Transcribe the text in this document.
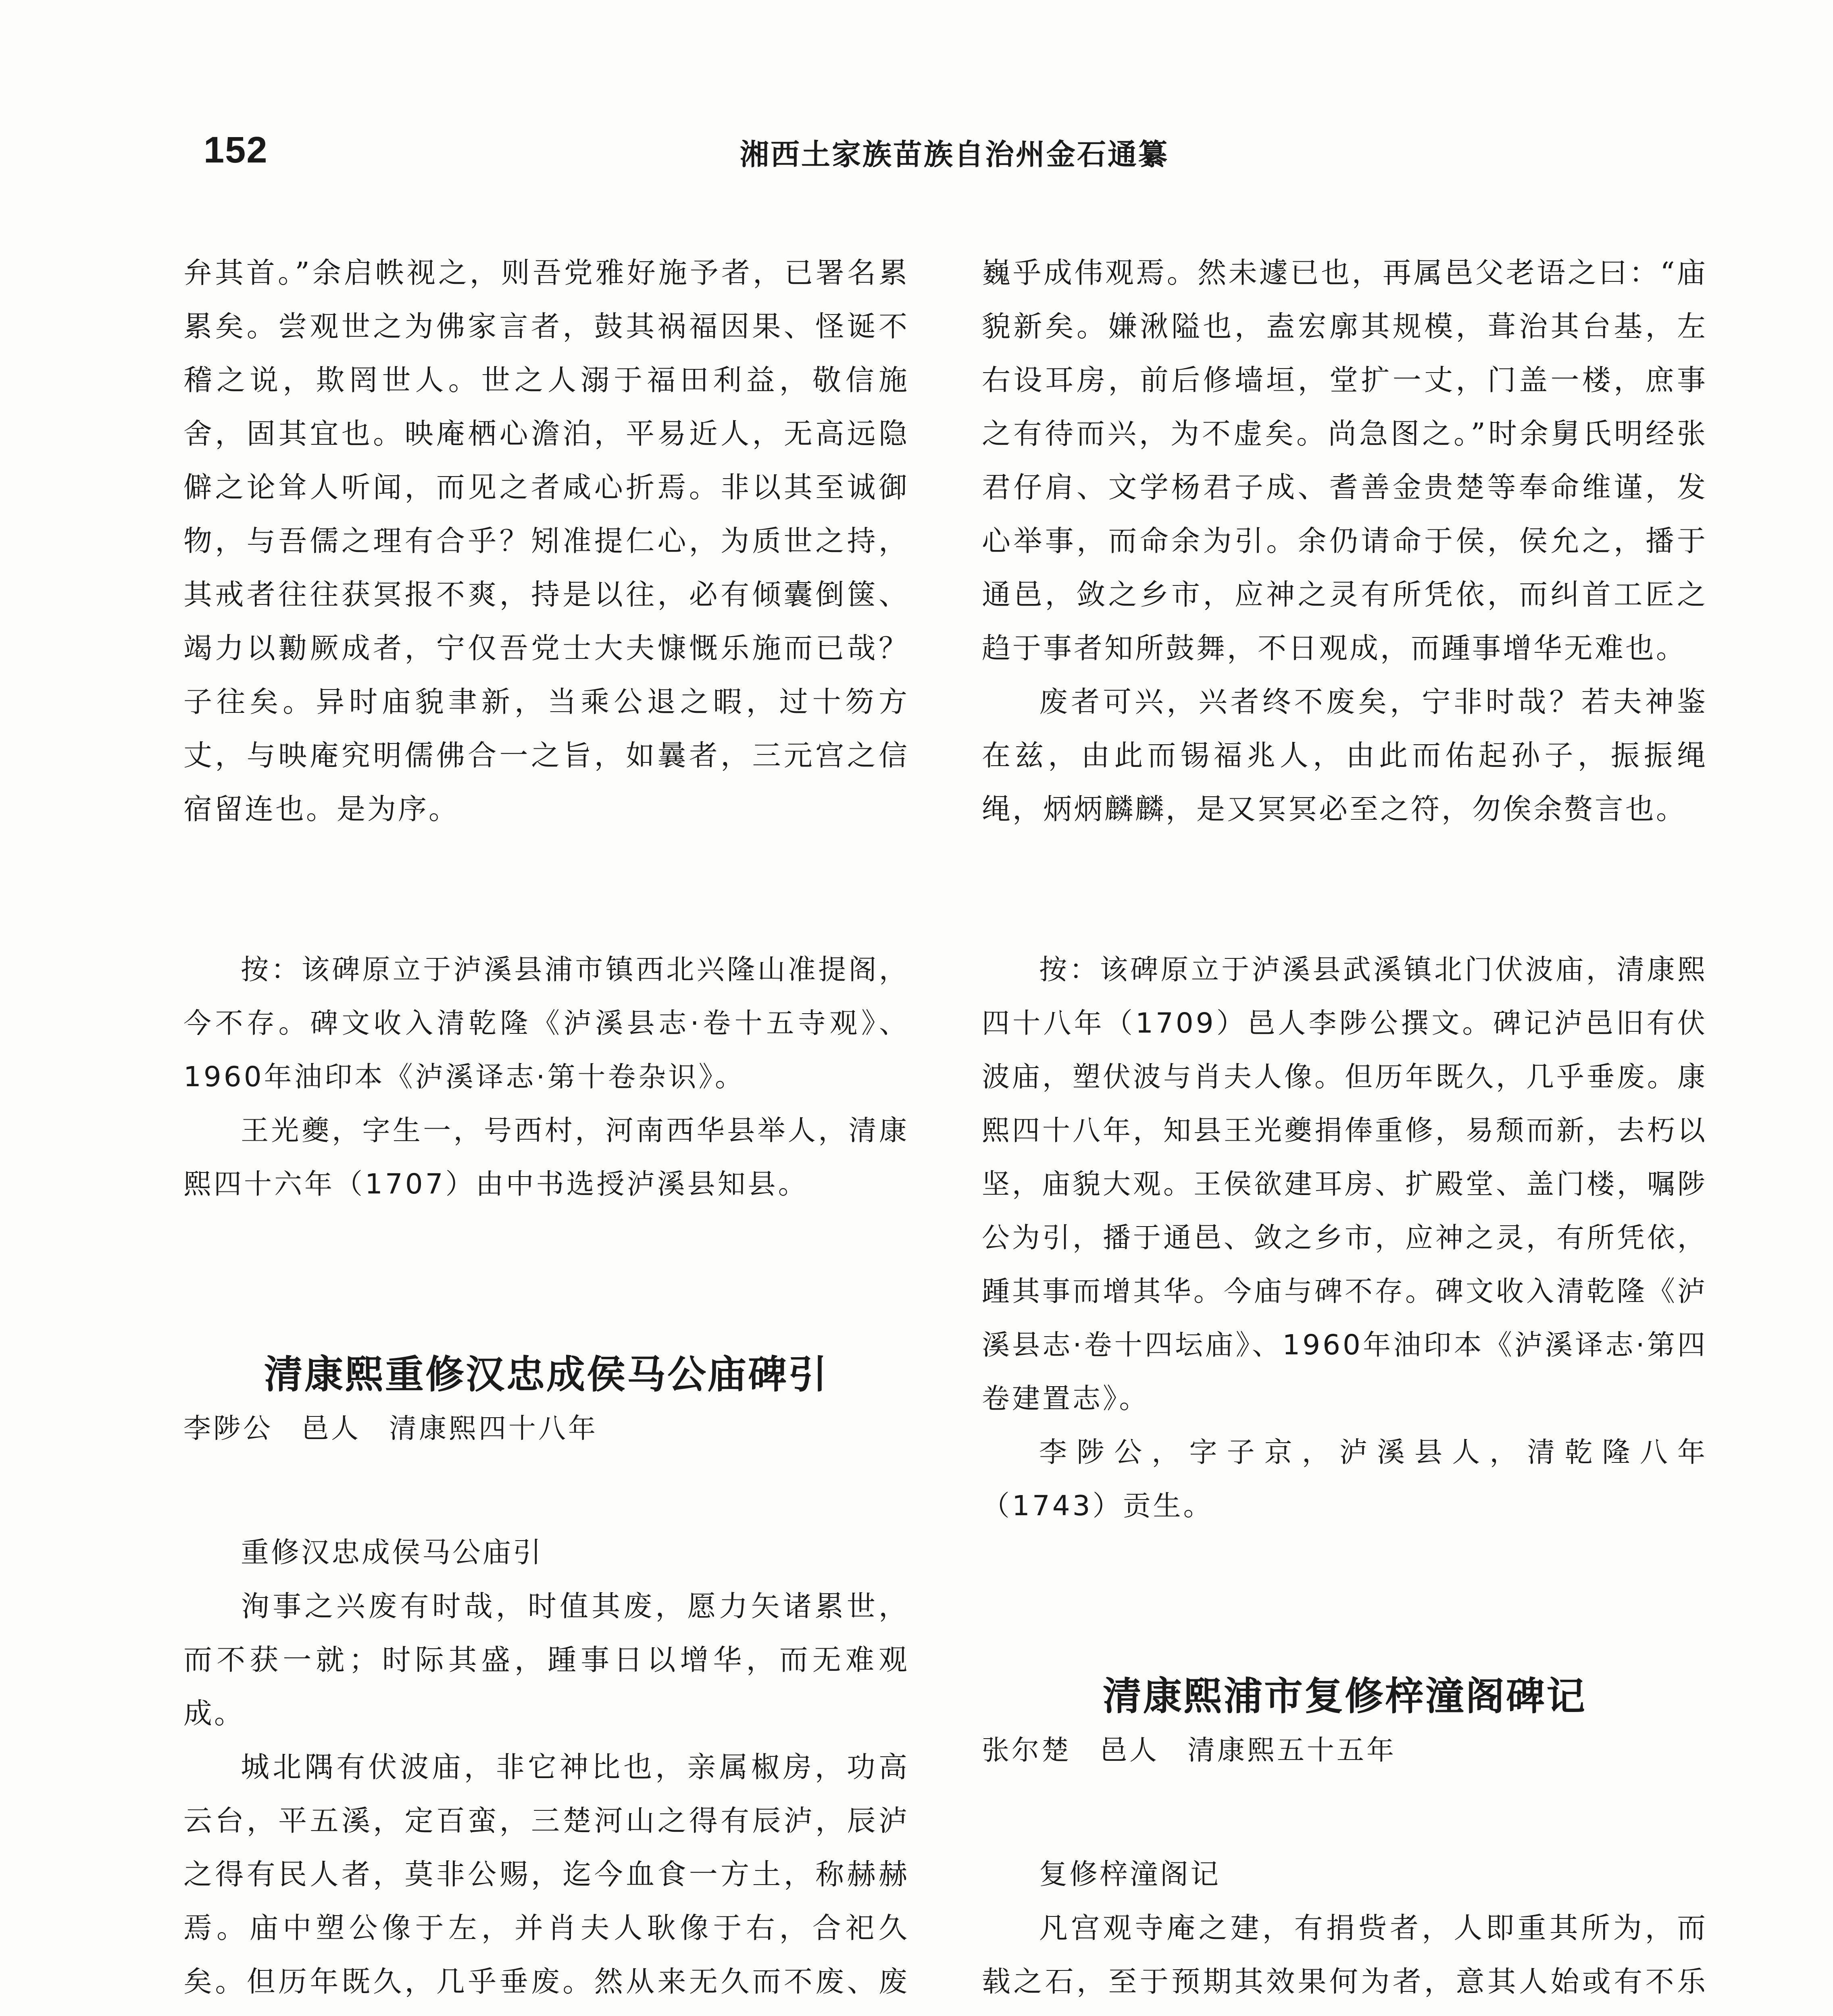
152	湘西土家族苗族自治州金石通纂

弁其首。”余启帙视之，则吾党雅好施予者，已署名累累矣。尝观世之为佛家言者，鼓其祸福因果、怪诞不稽之说，欺罔世人。世之人溺于福田利益，敬信施舍，固其宜也。映庵栖心澹泊，平易近人，无高远隐僻之论耸人听闻，而见之者咸心折焉。非以其至诚御物，与吾儒之理有合乎？矧准提仁心，为质世之持，其戒者往往获冥报不爽，持是以往，必有倾囊倒箧、竭力以勷厥成者，宁仅吾党士大夫慷慨乐施而已哉？子往矣。异时庙貌聿新，当乘公退之暇，过十笏方丈，与映庵究明儒佛合一之旨，如曩者，三元宫之信宿留连也。是为序。

按：该碑原立于泸溪县浦市镇西北兴隆山准提阁，今不存。碑文收入清乾隆《泸溪县志·卷十五寺观》、1960年油印本《泸溪译志·第十卷杂识》。

王光夔，字生一，号西村，河南西华县举人，清康熙四十六年（1707）由中书选授泸溪县知县。

清康熙重修汉忠成侯马公庙碑引

李陟公 邑人 清康熙四十八年

重修汉忠成侯马公庙引

洵事之兴废有时哉，时值其废，愿力矢诸累世，而不获一就；时际其盛，踵事日以增华，而无难观成。

城北隅有伏波庙，非它神比也，亲属椒房，功高云台，平五溪，定百蛮，三楚河山之得有辰泸，辰泸之得有民人者，莫非公赐，迄今血食一方土，称赫赫焉。庙中塑公像于左，并肖夫人耿像于右，合祀久矣。但历年既久，几乎垂废。然从来无久而不废、废

巍乎成伟观焉。然未遽已也，再属邑父老语之曰：“庙貌新矣。嫌湫隘也，盍宏廓其规模，葺治其台基，左右设耳房，前后修墙垣，堂扩一丈，门盖一楼，庶事之有待而兴，为不虚矣。尚急图之。”时余舅氏明经张君仔肩、文学杨君子成、耆善金贵楚等奉命维谨，发心举事，而命余为引。余仍请命于侯，侯允之，播于通邑，敛之乡市，应神之灵有所凭依，而纠首工匠之趋于事者知所鼓舞，不日观成，而踵事增华无难也。

废者可兴，兴者终不废矣，宁非时哉？若夫神鉴在兹，由此而锡福兆人，由此而佑起孙子，振振绳绳，炳炳麟麟，是又冥冥必至之符，勿俟余赘言也。

按：该碑原立于泸溪县武溪镇北门伏波庙，清康熙四十八年（1709）邑人李陟公撰文。碑记泸邑旧有伏波庙，塑伏波与肖夫人像。但历年既久，几乎垂废。康熙四十八年，知县王光夔捐俸重修，易颓而新，去朽以坚，庙貌大观。王侯欲建耳房、扩殿堂、盖门楼，嘱陟公为引，播于通邑、敛之乡市，应神之灵，有所凭依，踵其事而增其华。今庙与碑不存。碑文收入清乾隆《泸溪县志·卷十四坛庙》、1960年油印本《泸溪译志·第四卷建置志》。

李陟公，字子京，泸溪县人，清乾隆八年（1743）贡生。

清康熙浦市复修梓潼阁碑记

张尔楚 邑人 清康熙五十五年

复修梓潼阁记

凡宫观寺庵之建，有捐赀者，人即重其所为，而载之石，至于预期其效果何为者，意其人始或有不乐
